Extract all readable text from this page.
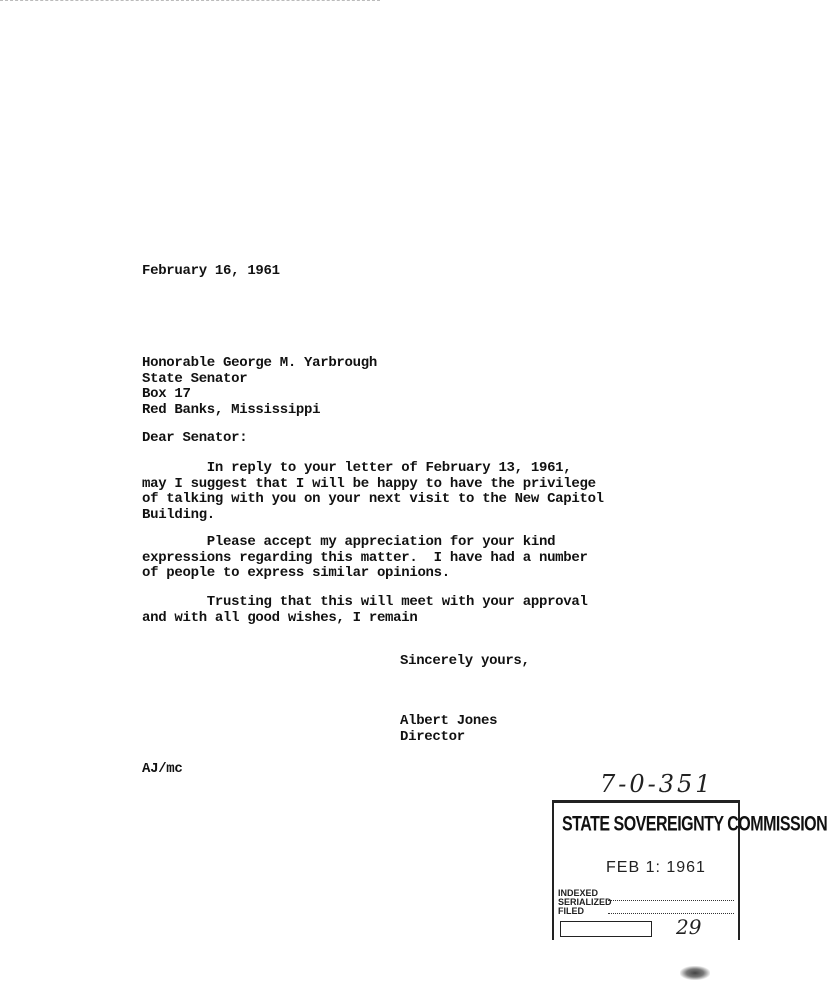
February 16, 1961
Honorable George M. Yarbrough
State Senator
Box 17
Red Banks, Mississippi
Dear Senator:
In reply to your letter of February 13, 1961,
may I suggest that I will be happy to have the privilege
of talking with you on your next visit to the New Capitol
Building.
Please accept my appreciation for your kind
expressions regarding this matter.  I have had a number
of people to express similar opinions.
Trusting that this will meet with your approval
and with all good wishes, I remain
Sincerely yours,
Albert Jones
Director
AJ/mc
7-0-351
STATE SOVEREIGNTY COMMISSION
FEB 1: 1961
INDEXED
SERIALIZED
FILED
29
